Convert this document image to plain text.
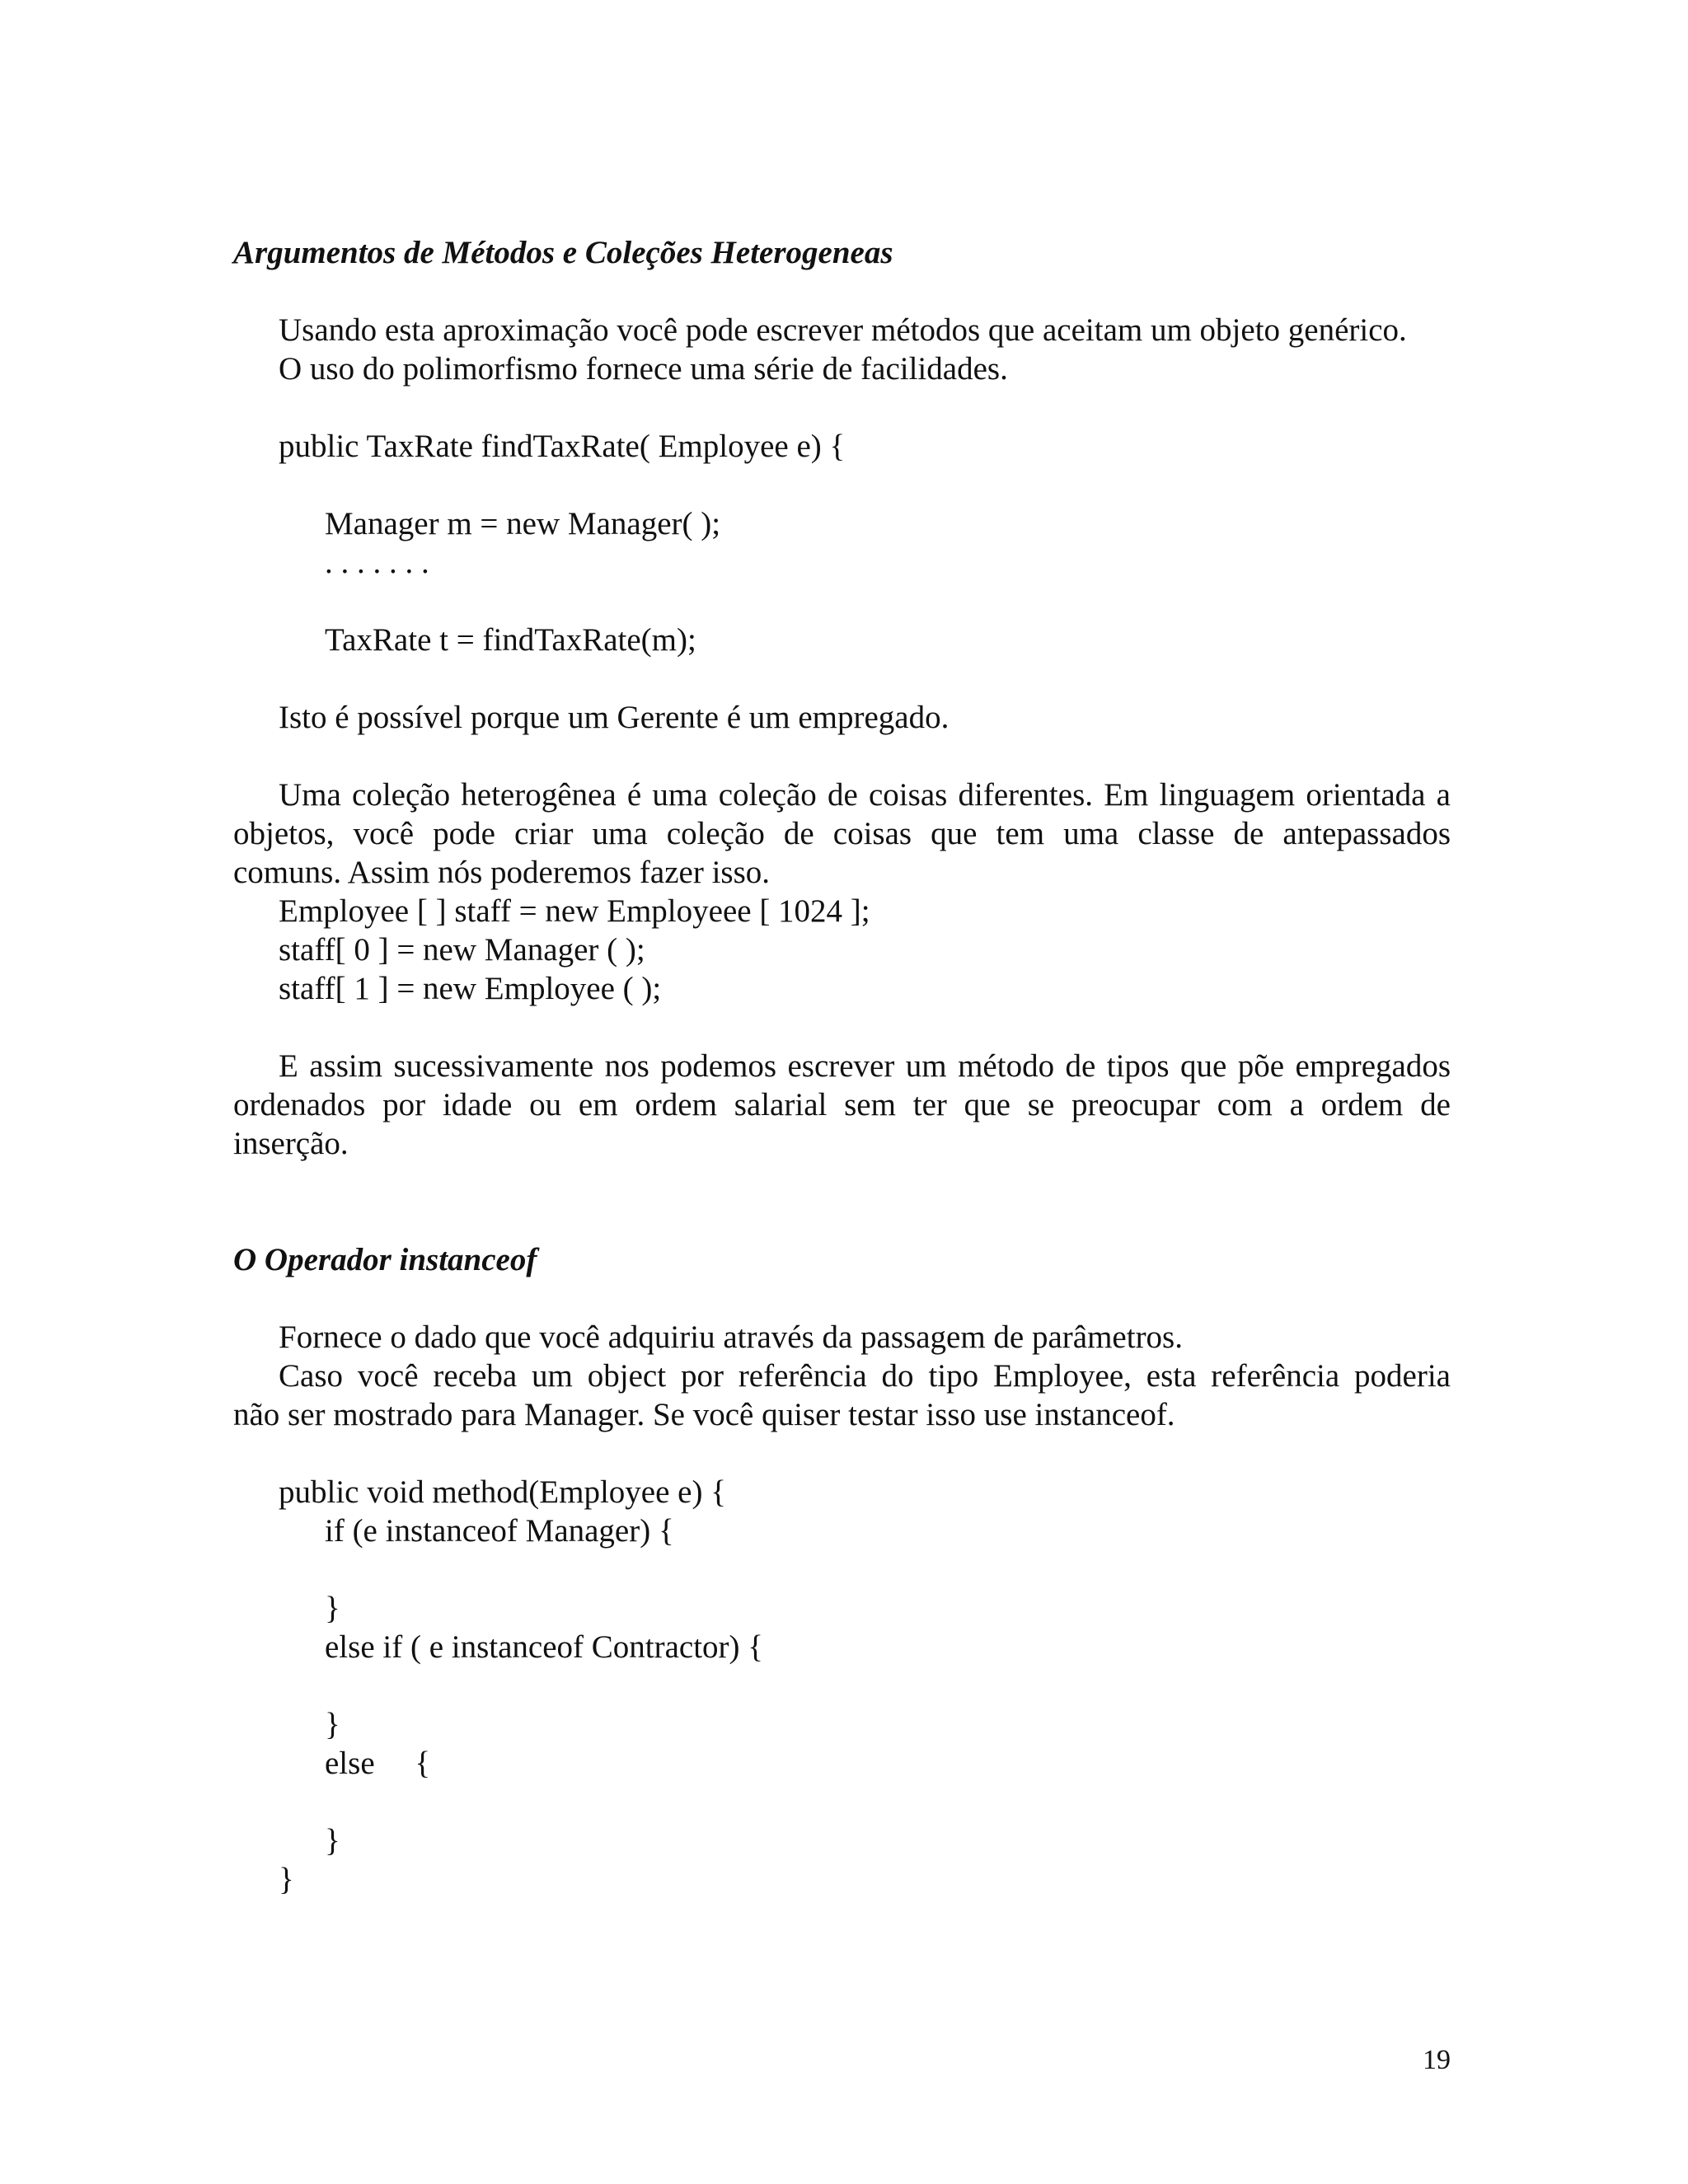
Argumentos de Métodos e Coleções Heterogeneas

Usando esta aproximação você pode escrever métodos que aceitam um objeto genérico.

O uso do polimorfismo fornece uma série de facilidades.

public TaxRate findTaxRate( Employee e) {

Manager m = new Manager( );

. . . . . . .

TaxRate t = findTaxRate(m);

Isto é possível porque um Gerente é um empregado.

Uma coleção heterogênea é uma coleção de coisas diferentes. Em linguagem orientada a

objetos, você pode criar uma coleção de coisas que tem uma classe de antepassados

comuns. Assim nós poderemos fazer isso.

Employee [ ] staff = new Employeee [ 1024 ];

staff[ 0 ] = new Manager ( );

staff[ 1 ] = new Employee ( );

E assim sucessivamente nos podemos escrever um método de tipos que põe empregados

ordenados por idade ou em ordem salarial sem ter que se preocupar com a ordem de

inserção.

O Operador instanceof

Fornece o dado que você adquiriu através da passagem de parâmetros.

Caso você receba um object por referência do tipo Employee, esta referência poderia

não ser mostrado para Manager. Se você quiser testar isso use instanceof.

public void method(Employee e) {

if (e instanceof Manager) {

}

else if ( e instanceof Contractor) {

}

else     {

}

}

19
